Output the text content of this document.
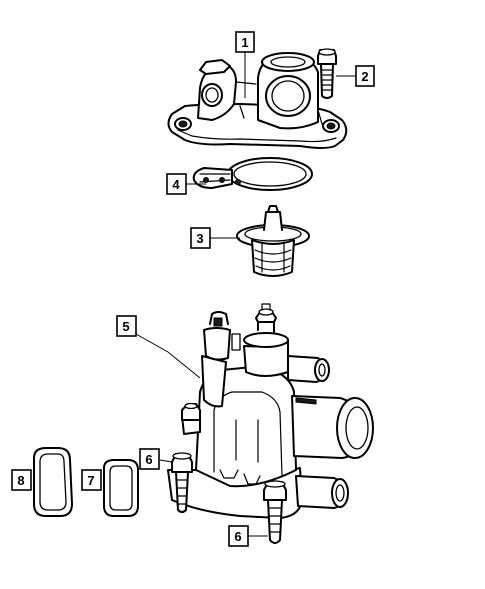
1
2
3
4
5
6
6
7
8
